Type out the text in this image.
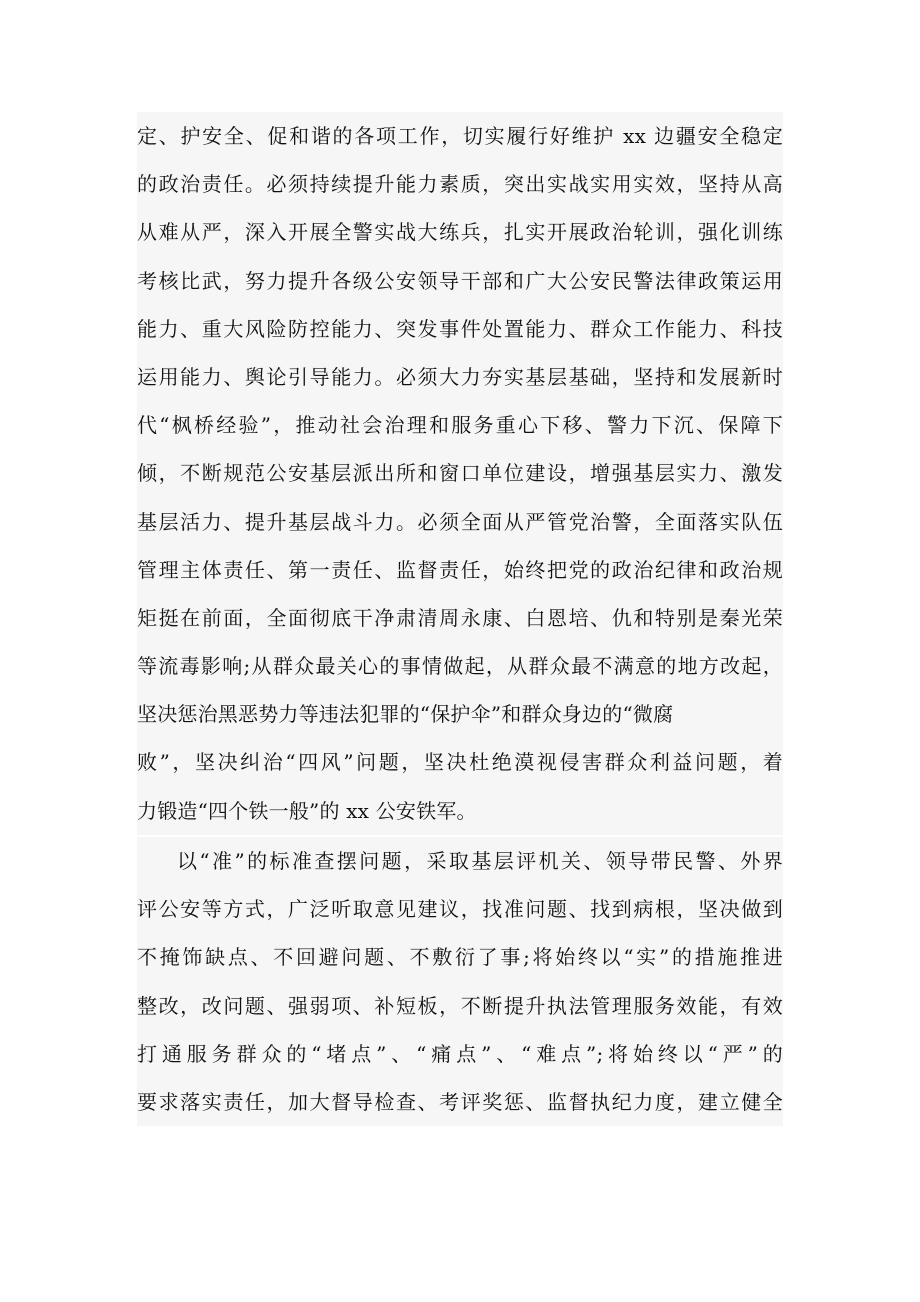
定、护安全、促和谐的各项工作，切实履行好维护 xx 边疆安全稳定
的政治责任。必须持续提升能力素质，突出实战实用实效，坚持从高
从难从严，深入开展全警实战大练兵，扎实开展政治轮训，强化训练
考核比武，努力提升各级公安领导干部和广大公安民警法律政策运用
能力、重大风险防控能力、突发事件处置能力、群众工作能力、科技
运用能力、舆论引导能力。必须大力夯实基层基础，坚持和发展新时
代“枫桥经验”，推动社会治理和服务重心下移、警力下沉、保障下
倾，不断规范公安基层派出所和窗口单位建设，增强基层实力、激发
基层活力、提升基层战斗力。必须全面从严管党治警，全面落实队伍
管理主体责任、第一责任、监督责任，始终把党的政治纪律和政治规
矩挺在前面，全面彻底干净肃清周永康、白恩培、仇和特别是秦光荣
等流毒影响;从群众最关心的事情做起，从群众最不满意的地方改起，
坚决惩治黑恶势力等违法犯罪的“保护伞”和群众身边的“微腐
败”，坚决纠治“四风”问题，坚决杜绝漠视侵害群众利益问题，着
力锻造“四个铁一般”的 xx 公安铁军。
以“准”的标准查摆问题，采取基层评机关、领导带民警、外界
评公安等方式，广泛听取意见建议，找准问题、找到病根，坚决做到
不掩饰缺点、不回避问题、不敷衍了事;将始终以“实”的措施推进
整改，改问题、强弱项、补短板，不断提升执法管理服务效能，有效
打通服务群众的“堵点”、“痛点”、“难点”;将始终以“严”的
要求落实责任，加大督导检查、考评奖惩、监督执纪力度，建立健全
